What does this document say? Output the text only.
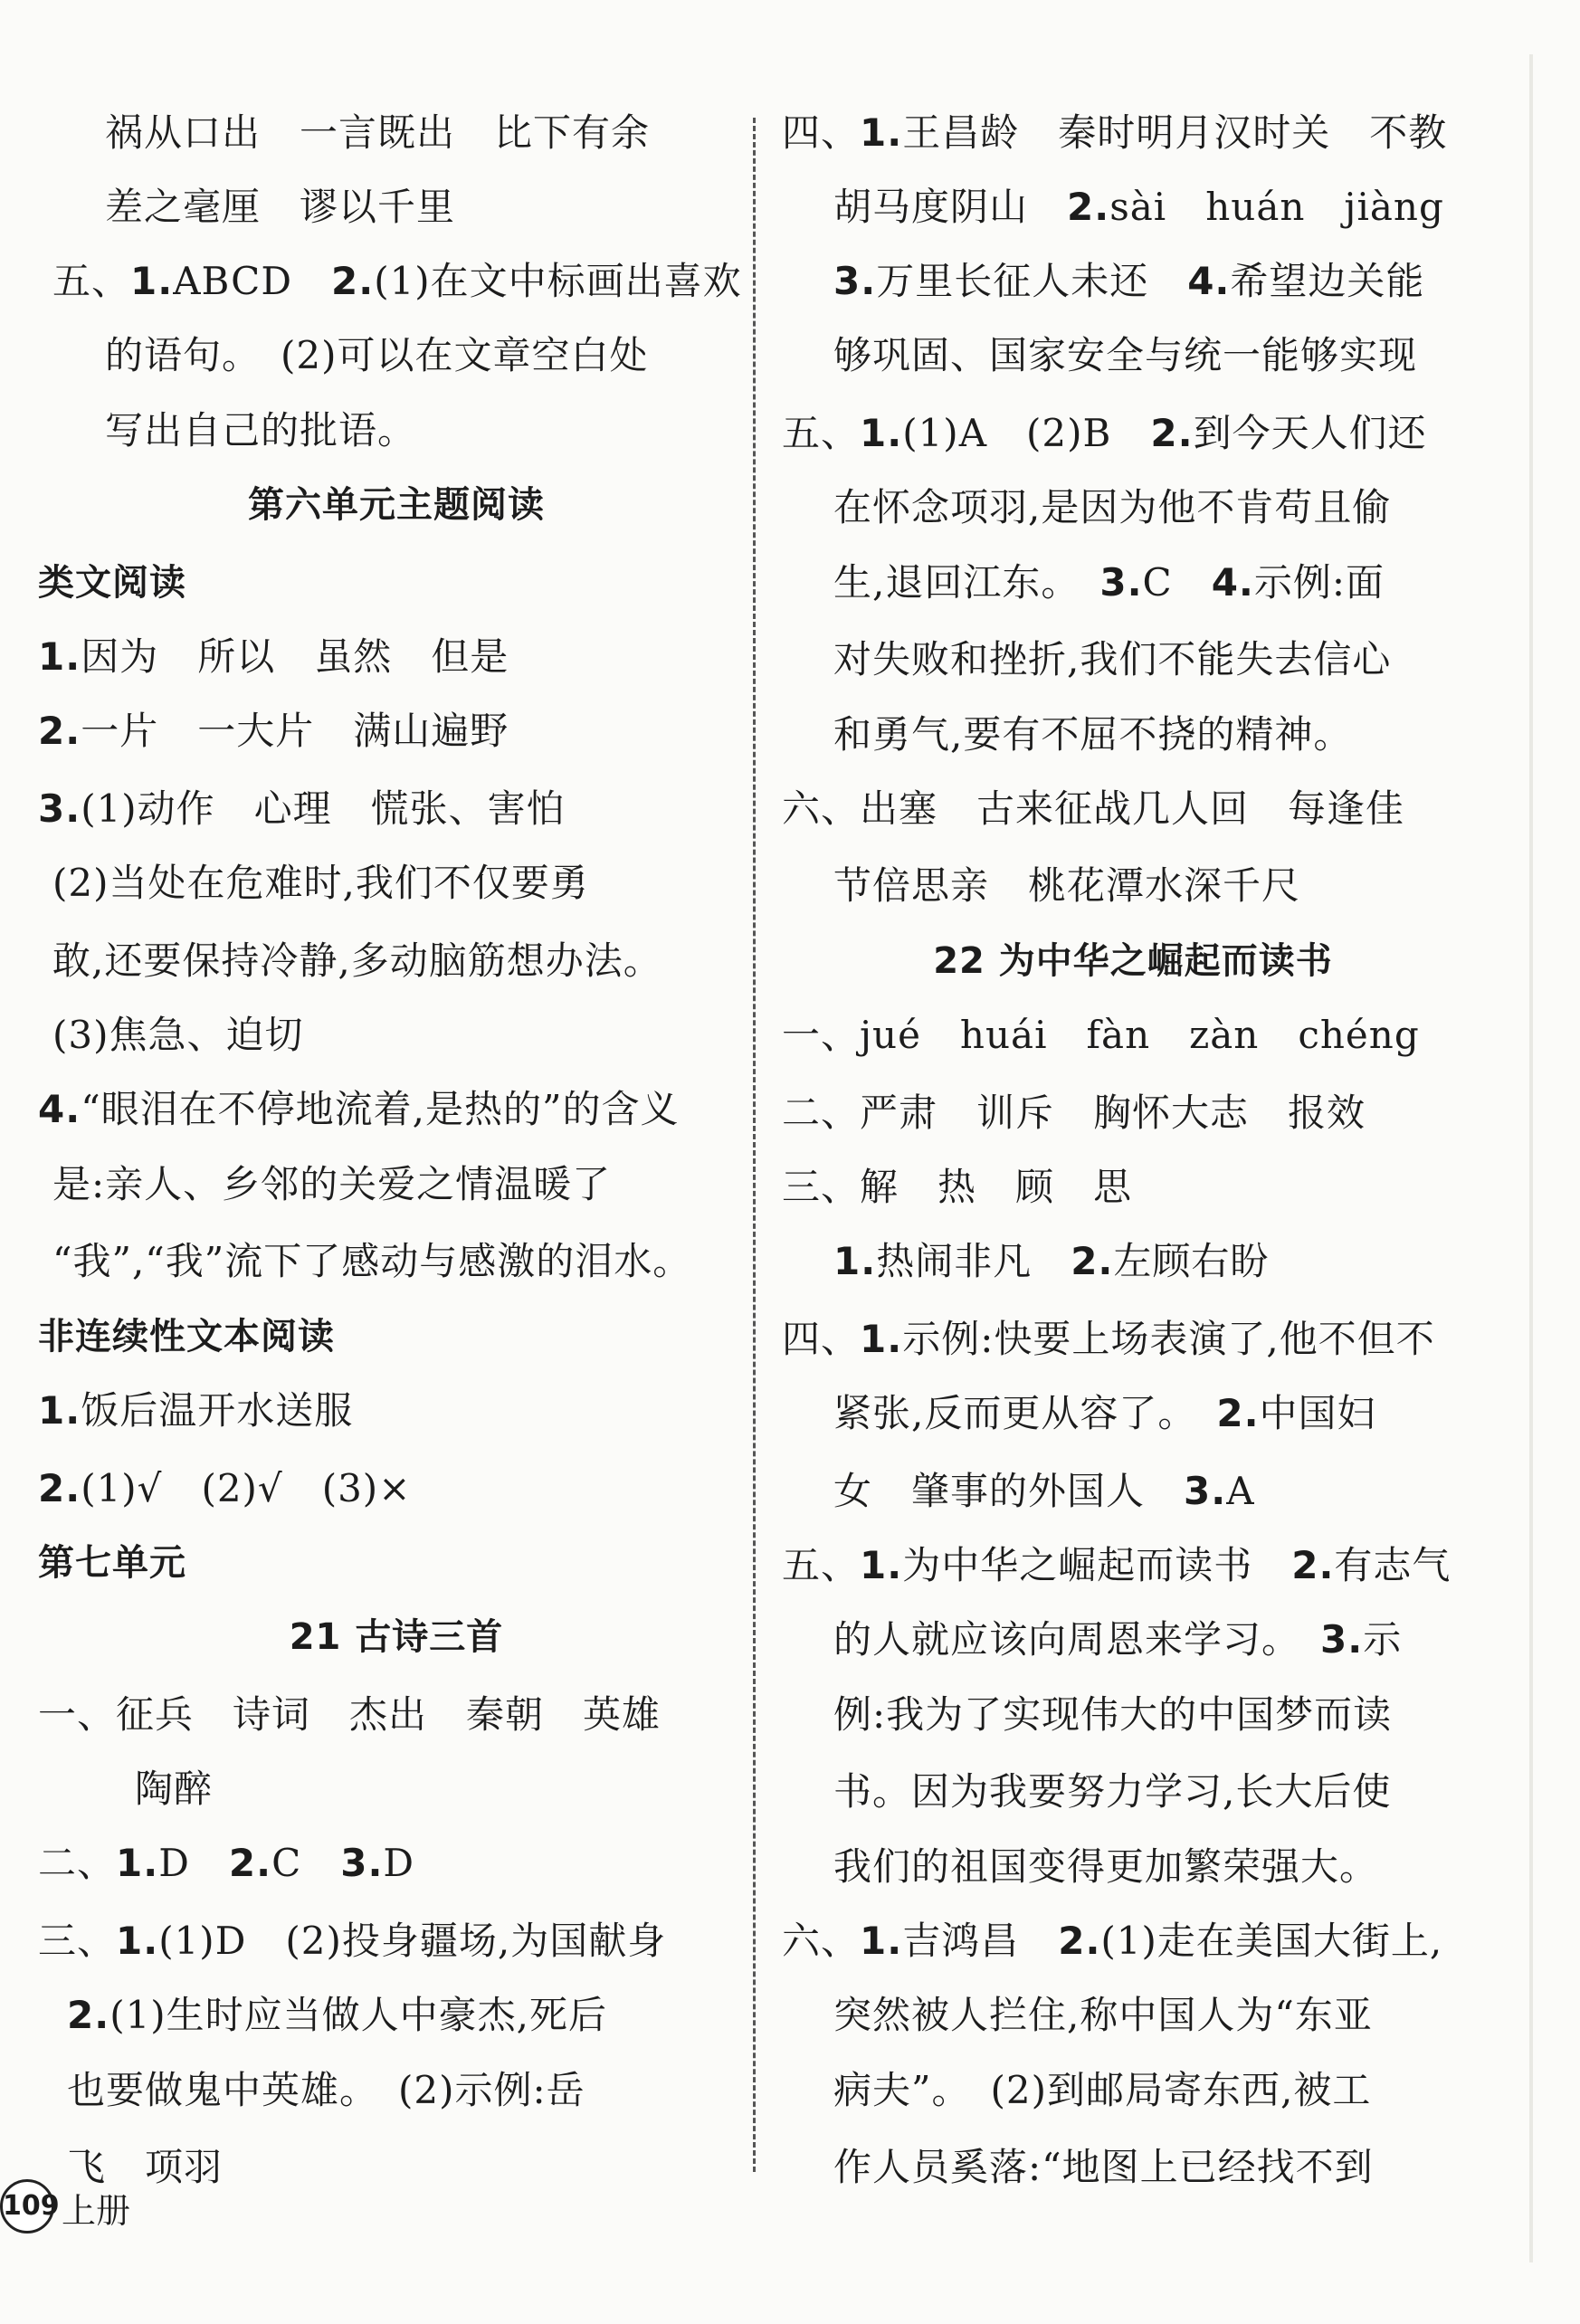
祸从口出　一言既出　比下有余
差之毫厘　谬以千里
五、1.ABCD　2.(1)在文中标画出喜欢
的语句。　(2)可以在文章空白处
写出自己的批语。
第六单元主题阅读
类文阅读
1.因为　所以　虽然　但是
2.一片　一大片　满山遍野
3.(1)动作　心理　慌张、害怕
(2)当处在危难时,我们不仅要勇
敢,还要保持冷静,多动脑筋想办法。
(3)焦急、迫切
4.“眼泪在不停地流着,是热的”的含义
是:亲人、乡邻的关爱之情温暖了
“我”,“我”流下了感动与感激的泪水。
非连续性文本阅读
1.饭后温开水送服
2.(1)√　(2)√　(3)×
第七单元
21 古诗三首
一、征兵　诗词　杰出　秦朝　英雄
陶醉
二、1.D　2.C　3.D
三、1.(1)D　(2)投身疆场,为国献身
2.(1)生时应当做人中豪杰,死后
也要做鬼中英雄。　(2)示例:岳
飞　项羽
四、1.王昌龄　秦时明月汉时关　不教
胡马度阴山　2.sài　huán　jiàng
3.万里长征人未还　4.希望边关能
够巩固、国家安全与统一能够实现
五、1.(1)A　(2)B　2.到今天人们还
在怀念项羽,是因为他不肯苟且偷
生,退回江东。　3.C　4.示例:面
对失败和挫折,我们不能失去信心
和勇气,要有不屈不挠的精神。
六、出塞　古来征战几人回　每逢佳
节倍思亲　桃花潭水深千尺
22 为中华之崛起而读书
一、jué　huái　fàn　zàn　chéng
二、严肃　训斥　胸怀大志　报效
三、解　热　顾　思
1.热闹非凡　2.左顾右盼
四、1.示例:快要上场表演了,他不但不
紧张,反而更从容了。　2.中国妇
女　肇事的外国人　3.A
五、1.为中华之崛起而读书　2.有志气
的人就应该向周恩来学习。　3.示
例:我为了实现伟大的中国梦而读
书。因为我要努力学习,长大后使
我们的祖国变得更加繁荣强大。
六、1.吉鸿昌　2.(1)走在美国大街上,
突然被人拦住,称中国人为“东亚
病夫”。　(2)到邮局寄东西,被工
作人员奚落:“地图上已经找不到
109 上册
